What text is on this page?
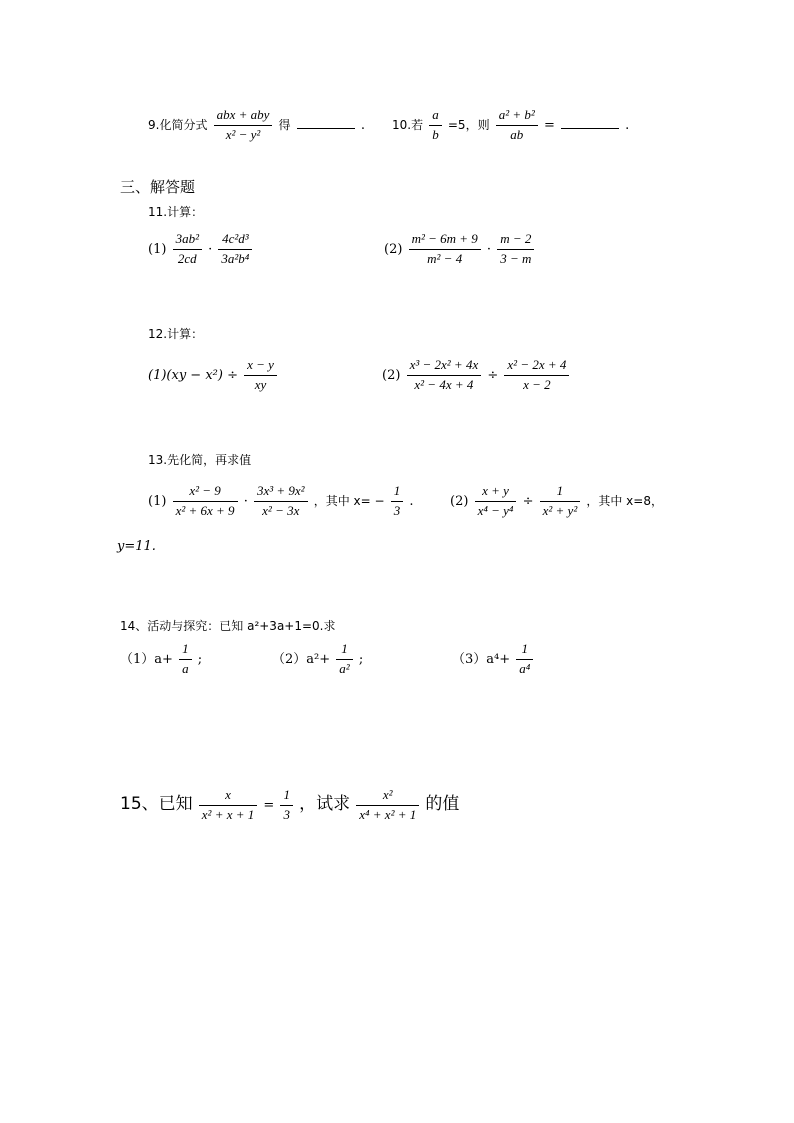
9.化简分式 $\frac{\text{abx + aby}}{\text{x² − y²}}$ 得	. 10.若 $\frac{a}{b} =5$，则 $\frac{\text{a² + b²}}{ab}$ =	.
三、解答题
11.计算：
$(1) \frac{\text{3ab²}}{2cd} \cdot \frac{\text{4c²d³}}{\text{3a²b⁴}}$	$(2) \frac{\text{m² − 6m + 9}}{\text{m² − 4}} \cdot \frac{m - 2}{3 - m}$
12.计算：
$(1)(xy - x^2) \div \frac{x - y}{xy}$	$(2) \frac{\text{x³ − 2x² + 4x}}{\text{x² − 4x + 4}} \div \frac{\text{x² − 2x + 4}}{x - 2}$
13.先化简，再求值
$(1) \frac{\text{x² − 9}}{\text{x² + 6x + 9}} \cdot \frac{\text{3x³ + 9x²}}{\text{x² − 3x}}$ ，其中 $x= - \frac{1}{3}$ .	$(2) \frac{x + y}{\text{x⁴ − y⁴}} \div \frac{1}{\text{x² + y²}}$ ，其中 x=8，
y=11.
14、活动与探究：已知 a²+3a+1=0.求
$(1)a+ \frac{1}{a}$ ;	$(2)a^2+ \frac{1}{\text{a²}}$ ;	$(3)a^4+ \frac{1}{\text{a⁴}}$
15、已知 $\frac{x}{\text{x² + x + 1}} = \frac{1}{3}$ ，试求 $\frac{\text{x²}}{\text{x⁴ + x² + 1}}$ 的值
